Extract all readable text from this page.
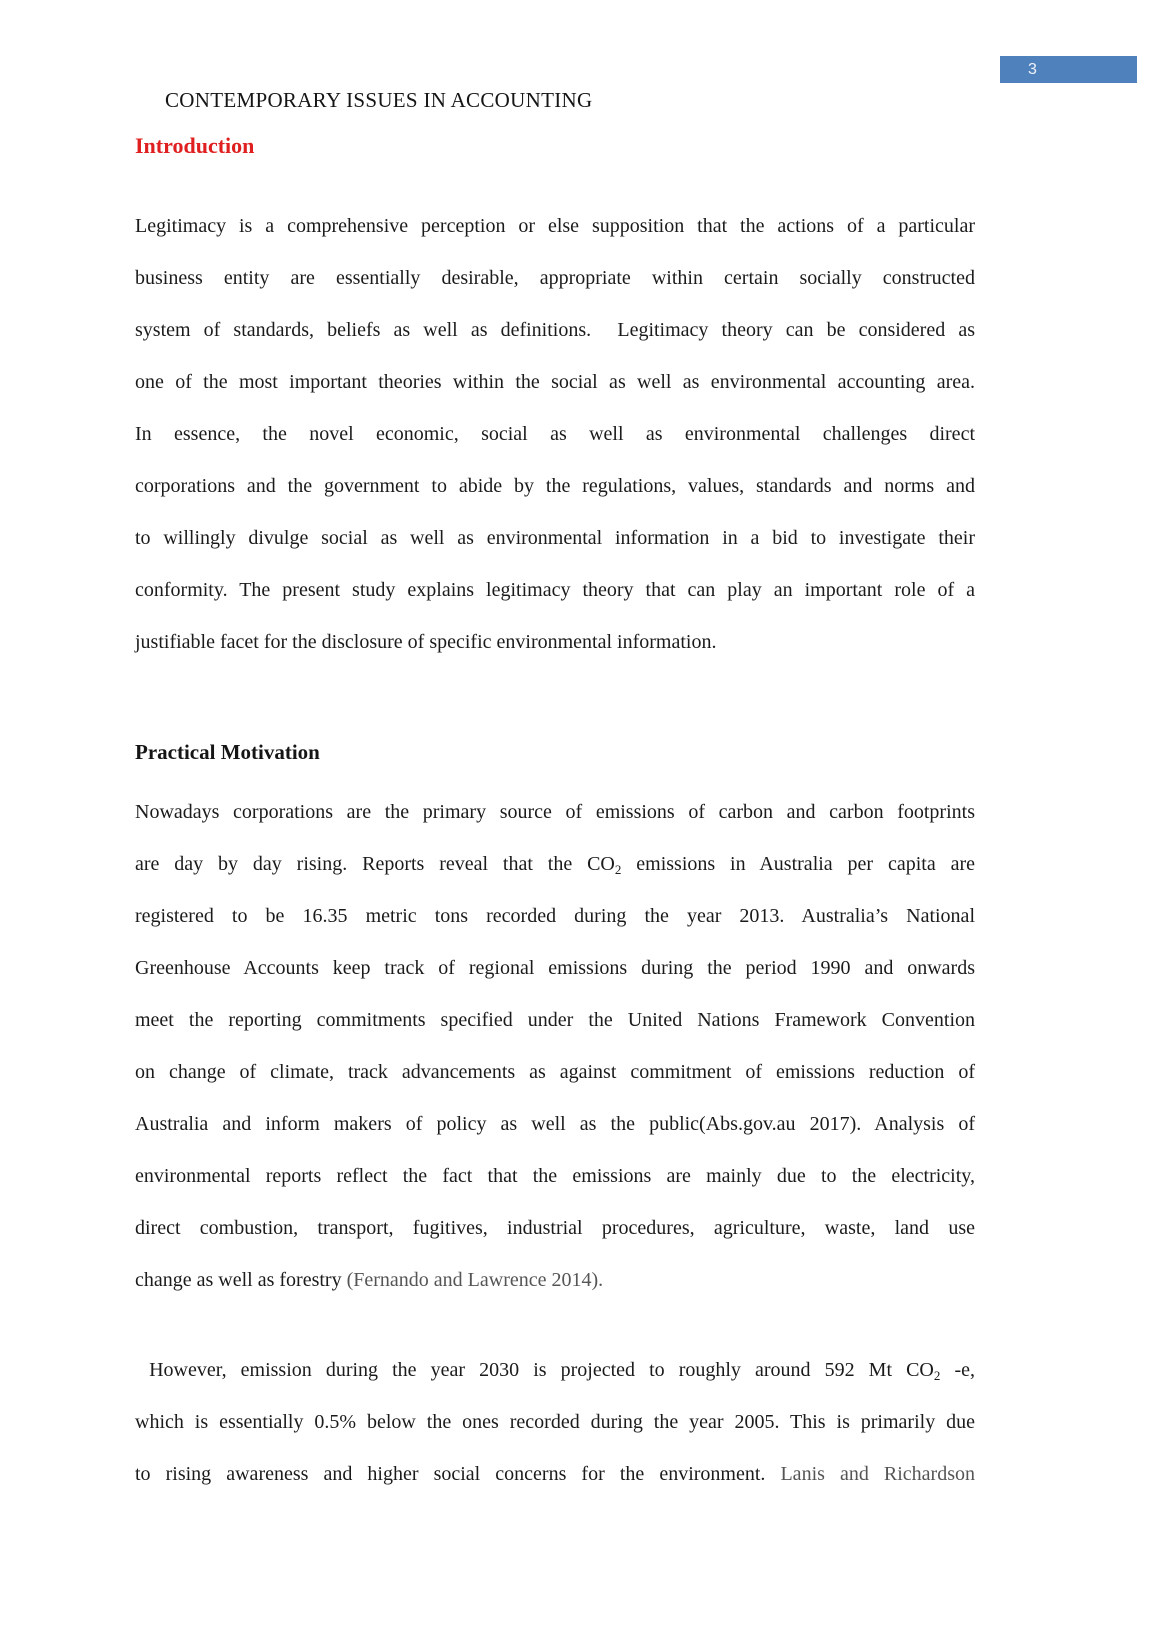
3
CONTEMPORARY ISSUES IN ACCOUNTING
Introduction
Legitimacy is a comprehensive perception or else supposition that the actions of a particular
business entity are essentially desirable, appropriate within certain socially constructed
system of standards, beliefs as well as definitions.  Legitimacy theory can be considered as
one of the most important theories within the social as well as environmental accounting area.
In essence, the novel economic, social as well as environmental challenges direct
corporations and the government to abide by the regulations, values, standards and norms and
to willingly divulge social as well as environmental information in a bid to investigate their
conformity. The present study explains legitimacy theory that can play an important role of a
justifiable facet for the disclosure of specific environmental information.
Practical Motivation
Nowadays corporations are the primary source of emissions of carbon and carbon footprints
are day by day rising. Reports reveal that the $CO_2$ emissions in Australia per capita are
registered to be 16.35 metric tons recorded during the year 2013. Australia’s National
Greenhouse Accounts keep track of regional emissions during the period 1990 and onwards
meet the reporting commitments specified under the United Nations Framework Convention
on change of climate, track advancements as against commitment of emissions reduction of
Australia and inform makers of policy as well as the public(Abs.gov.au 2017). Analysis of
environmental reports reflect the fact that the emissions are mainly due to the electricity,
direct combustion, transport, fugitives, industrial procedures, agriculture, waste, land use
change as well as forestry (Fernando and Lawrence 2014).
However, emission during the year 2030 is projected to roughly around 592 Mt $CO_2$ -e,
which is essentially 0.5% below the ones recorded during the year 2005. This is primarily due
to rising awareness and higher social concerns for the environment. Lanis and Richardson
